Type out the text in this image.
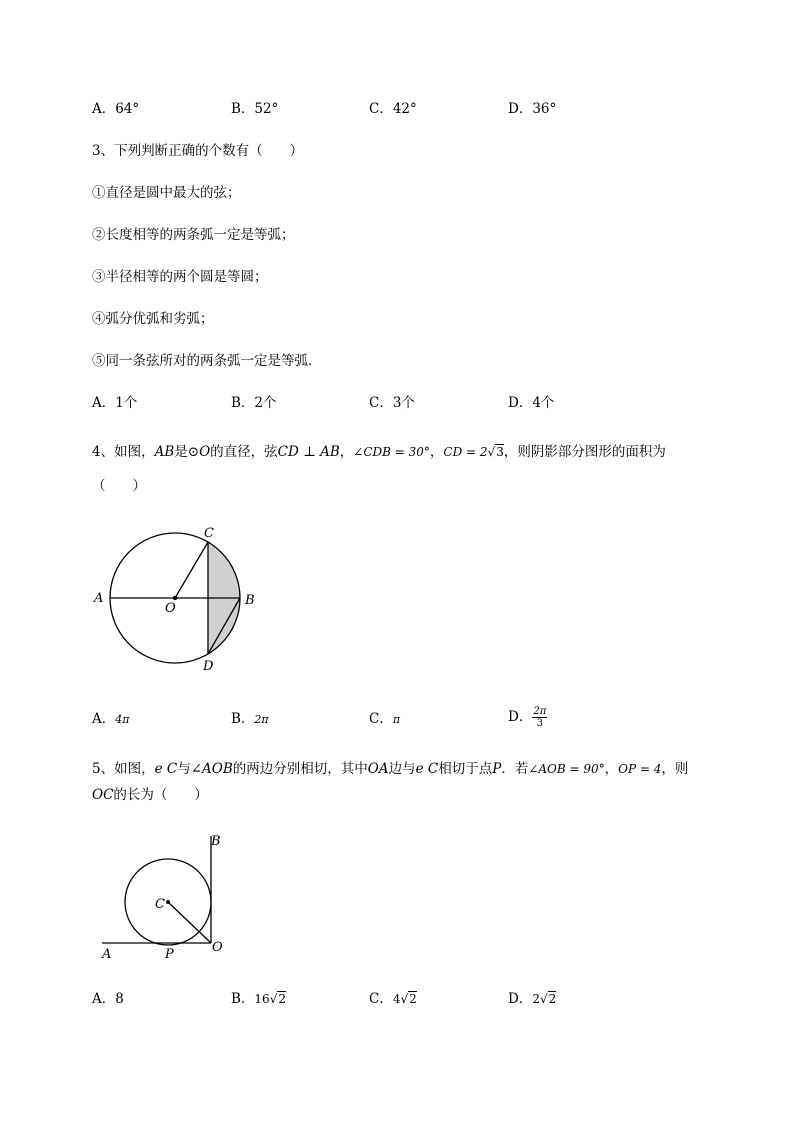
A．64°	B．52°	C．42°	D．36°
3、下列判断正确的个数有（　　）
①直径是圆中最大的弦；
②长度相等的两条弧一定是等弧；
③半径相等的两个圆是等圆；
④弧分优弧和劣弧；
⑤同一条弦所对的两条弧一定是等弧．
A．1个	B．2个	C．3个	D．4个
4、如图，AB是⊙O的直径，弦CD ⊥ AB，∠CDB = 30°，CD = 2√3，则阴影部分图形的面积为
（　　）
A	B
C
D
O
A．4π	B．2π	C．π	D． $\frac{2\pi}{3}$
5、如图，e C与∠AOB的两边分别相切，其中OA边与e C相切于点P．若∠AOB = 90°，OP = 4，则
OC的长为（　　）
A
B
C
O
P
A．8	B．16√2	C．4√2	D．2√2
